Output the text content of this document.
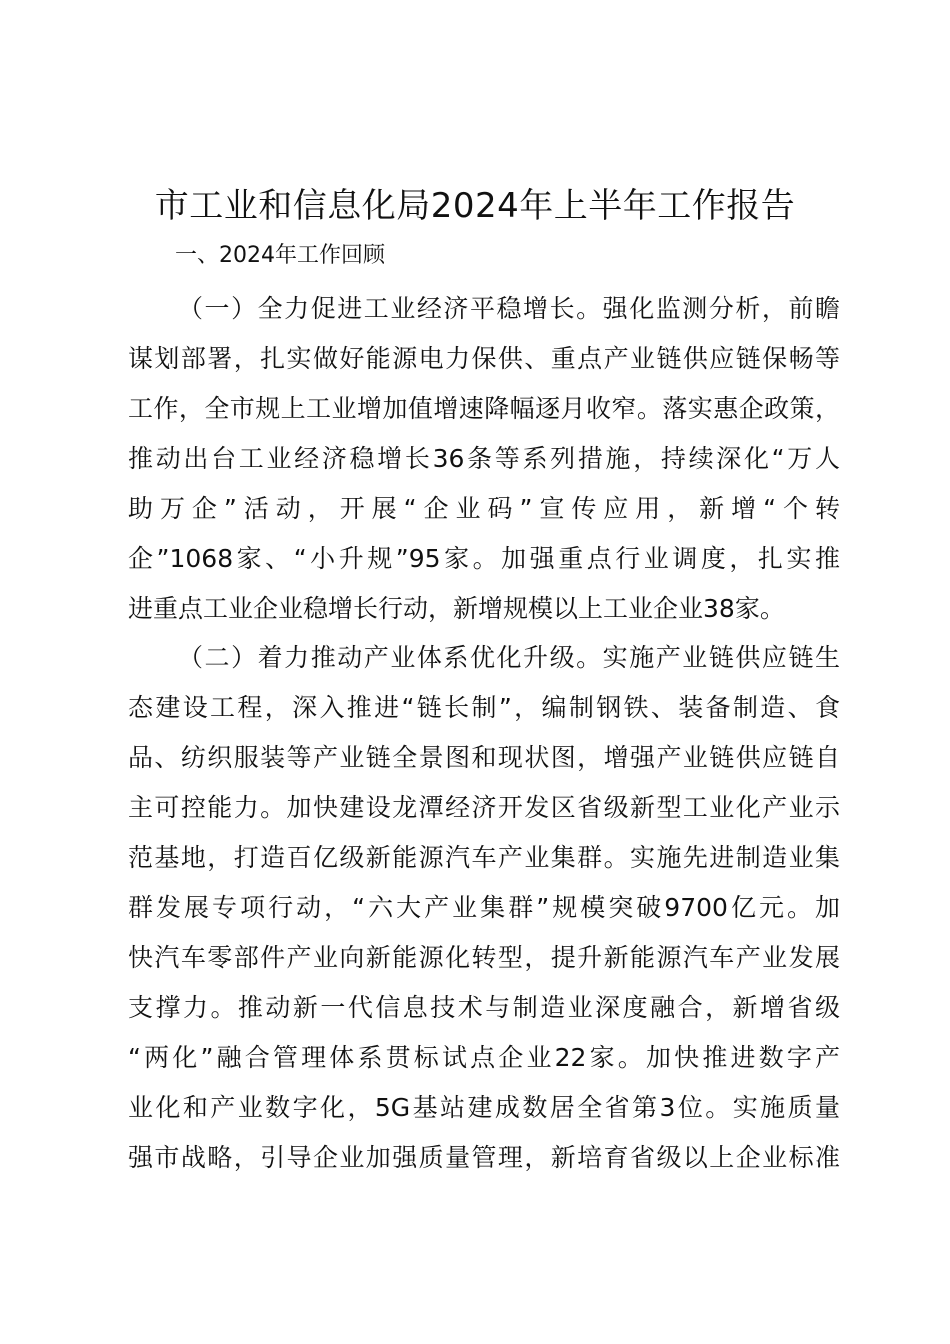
市工业和信息化局2024年上半年工作报告
一、2024年工作回顾
（一）全力促进工业经济平稳增长。强化监测分析，前瞻
谋划部署，扎实做好能源电力保供、重点产业链供应链保畅等
工作，全市规上工业增加值增速降幅逐月收窄。落实惠企政策，
推动出台工业经济稳增长36条等系列措施，持续深化“万人
助万企”活动，开展“企业码”宣传应用，新增“个转
企”1068家、“小升规”95家。加强重点行业调度，扎实推
进重点工业企业稳增长行动，新增规模以上工业企业38家。
（二）着力推动产业体系优化升级。实施产业链供应链生
态建设工程，深入推进“链长制”，编制钢铁、装备制造、食
品、纺织服装等产业链全景图和现状图，增强产业链供应链自
主可控能力。加快建设龙潭经济开发区省级新型工业化产业示
范基地，打造百亿级新能源汽车产业集群。实施先进制造业集
群发展专项行动，“六大产业集群”规模突破9700亿元。加
快汽车零部件产业向新能源化转型，提升新能源汽车产业发展
支撑力。推动新一代信息技术与制造业深度融合，新增省级
“两化”融合管理体系贯标试点企业22家。加快推进数字产
业化和产业数字化，5G基站建成数居全省第3位。实施质量
强市战略，引导企业加强质量管理，新培育省级以上企业标准
